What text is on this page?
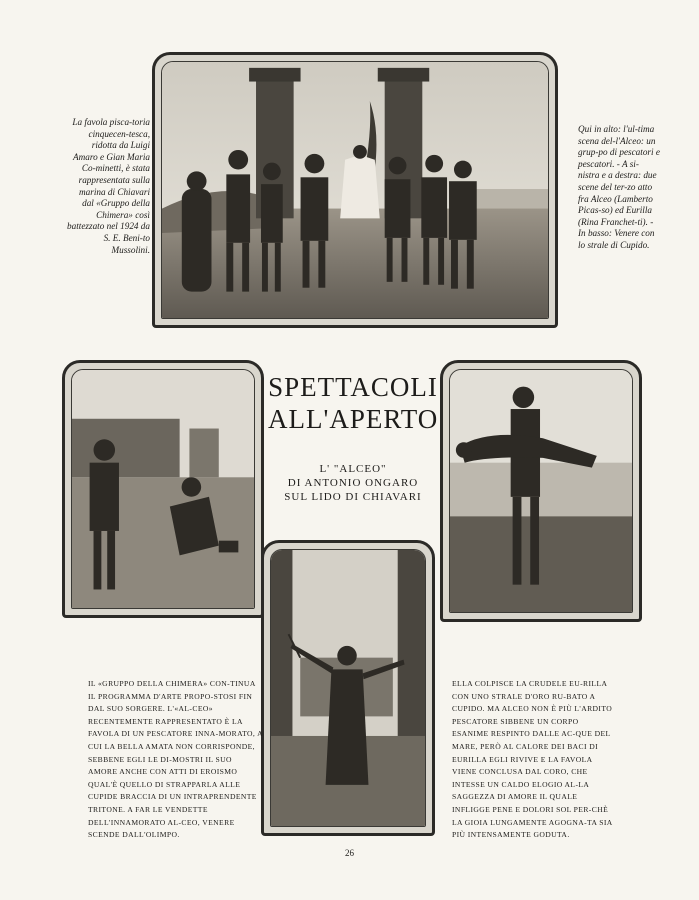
La favola pisca-toria cinquecen-tesca, ridotta da Luigi Amaro e Gian Maria Co-minetti, è stata rappresentata sulla marina di Chiavari dal «Gruppo della Chimera» così battezzato nel 1924 da S. E. Beni-to Mussolini.
Qui in alto: l'ul-tima scena del-l'Alceo: un grup-po di pescatori e pescatori. - A si-nistra e a destra: due scene del ter-zo atto fra Alceo (Lamberto Picas-so) ed Eurilla (Rina Franchet-ti). - In basso: Venere con lo strale di Cupido.
SPETTACOLI
ALL'APERTO
L' "ALCEO"
DI ANTONIO ONGARO
SUL LIDO DI CHIAVARI
IL «GRUPPO DELLA CHIMERA» CON-TINUA IL PROGRAMMA D'ARTE PROPO-STOSI FIN DAL SUO SORGERE. L'«AL-CEO» RECENTEMENTE RAPPRESENTATO È LA FAVOLA DI UN PESCATORE INNA-MORATO, A CUI LA BELLA AMATA NON CORRISPONDE, SEBBENE EGLI LE DI-MOSTRI IL SUO AMORE ANCHE CON ATTI DI EROISMO QUAL'È QUELLO DI STRAPPARLA ALLE CUPIDE BRACCIA DI UN INTRAPRENDENTE TRITONE. A FAR LE VENDETTE DELL'INNAMORATO AL-CEO, VENERE SCENDE DALL'OLIMPO.
ELLA COLPISCE LA CRUDELE EU-RILLA CON UNO STRALE D'ORO RU-BATO A CUPIDO. MA ALCEO NON È PIÙ L'ARDITO PESCATORE SIBBENE UN CORPO ESANIME RESPINTO DALLE AC-QUE DEL MARE, PERÒ AL CALORE DEI BACI DI EURILLA EGLI RIVIVE E LA FAVOLA VIENE CONCLUSA DAL CORO, CHE INTESSE UN CALDO ELOGIO AL-LA SAGGEZZA DI AMORE IL QUALE INFLIGGE PENE E DOLORI SOL PER-CHÈ LA GIOIA LUNGAMENTE AGOGNA-TA SIA PIÙ INTENSAMENTE GODUTA.
26
